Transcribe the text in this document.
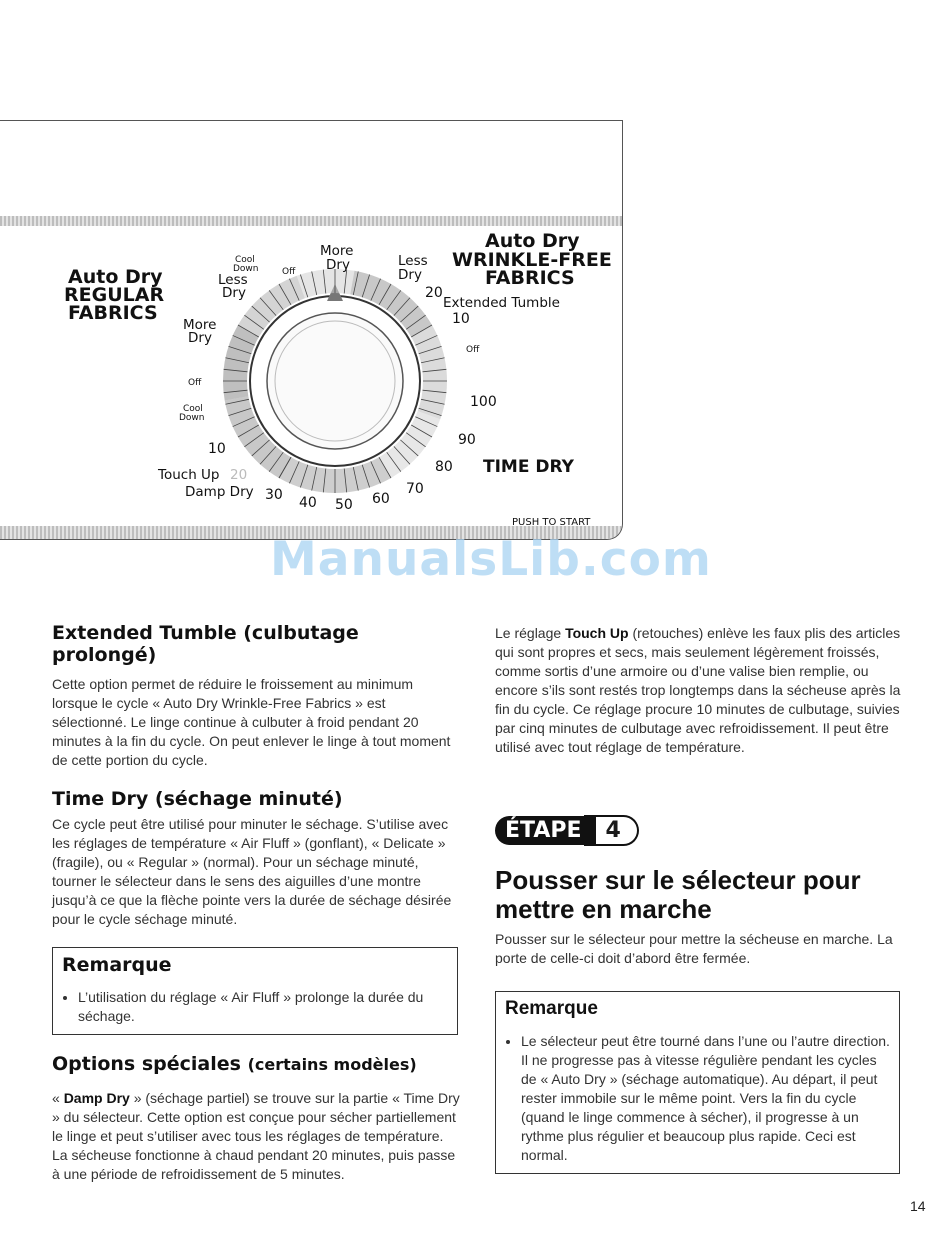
Auto Dry
REGULAR
FABRICS
Auto Dry
WRINKLE-FREE
FABRICS
More
Dry	Less
Dry
Cool
Down	Off
Less
Dry
More
Dry
Off
Cool
Down
10
Touch Up 20
Damp Dry
20
Extended Tumble
10
Off
TIME DRY
PUSH TO START
30 40 50 60
70
80
90
100
ManualsLib.com
Extended Tumble (culbutage prolongé)

Cette option permet de réduire le froissement au minimum lorsque le cycle « Auto Dry Wrinkle-Free Fabrics » est sélectionné. Le linge continue à culbuter à froid pendant 20 minutes à la fin du cycle. On peut enlever le linge à tout moment de cette portion du cycle.

Time Dry (séchage minuté)

Ce cycle peut être utilisé pour minuter le séchage. S’utilise avec les réglages de température « Air Fluff » (gonflant), « Delicate » (fragile), ou « Regular » (normal). Pour un séchage minuté, tourner le sélecteur dans le sens des aiguilles d’une montre jusqu’à ce que la flèche pointe vers la durée de séchage désirée pour le cycle séchage minuté.

Remarque
• L’utilisation du réglage « Air Fluff » prolonge la durée du séchage.
Options spéciales (certains modèles)

« Damp Dry » (séchage partiel) se trouve sur la partie « Time Dry » du sélecteur. Cette option est conçue pour sécher partiellement le linge et peut s’utiliser avec tous les réglages de température. La sécheuse fonctionne à chaud pendant 20 minutes, puis passe à une période de refroidissement de 5 minutes.

Le réglage Touch Up (retouches) enlève les faux plis des articles qui sont propres et secs, mais seulement légèrement froissés, comme sortis d’une armoire ou d’une valise bien remplie, ou encore s’ils sont restés trop longtemps dans la sécheuse après la fin du cycle. Ce réglage procure 10 minutes de culbutage, suivies par cinq minutes de culbutage avec refroidissement. Il peut être utilisé avec tout réglage de température.

ÉTAPE 4
Pousser sur le sélecteur pour mettre en marche

Pousser sur le sélecteur pour mettre la sécheuse en marche. La porte de celle-ci doit d’abord être fermée.

Remarque
• Le sélecteur peut être tourné dans l’une ou l’autre direction. Il ne progresse pas à vitesse régulière pendant les cycles de « Auto Dry » (séchage automatique). Au départ, il peut rester immobile sur le même point. Vers la fin du cycle (quand le linge commence à sécher), il progresse à un rythme plus régulier et beaucoup plus rapide. Ceci est normal.
14
